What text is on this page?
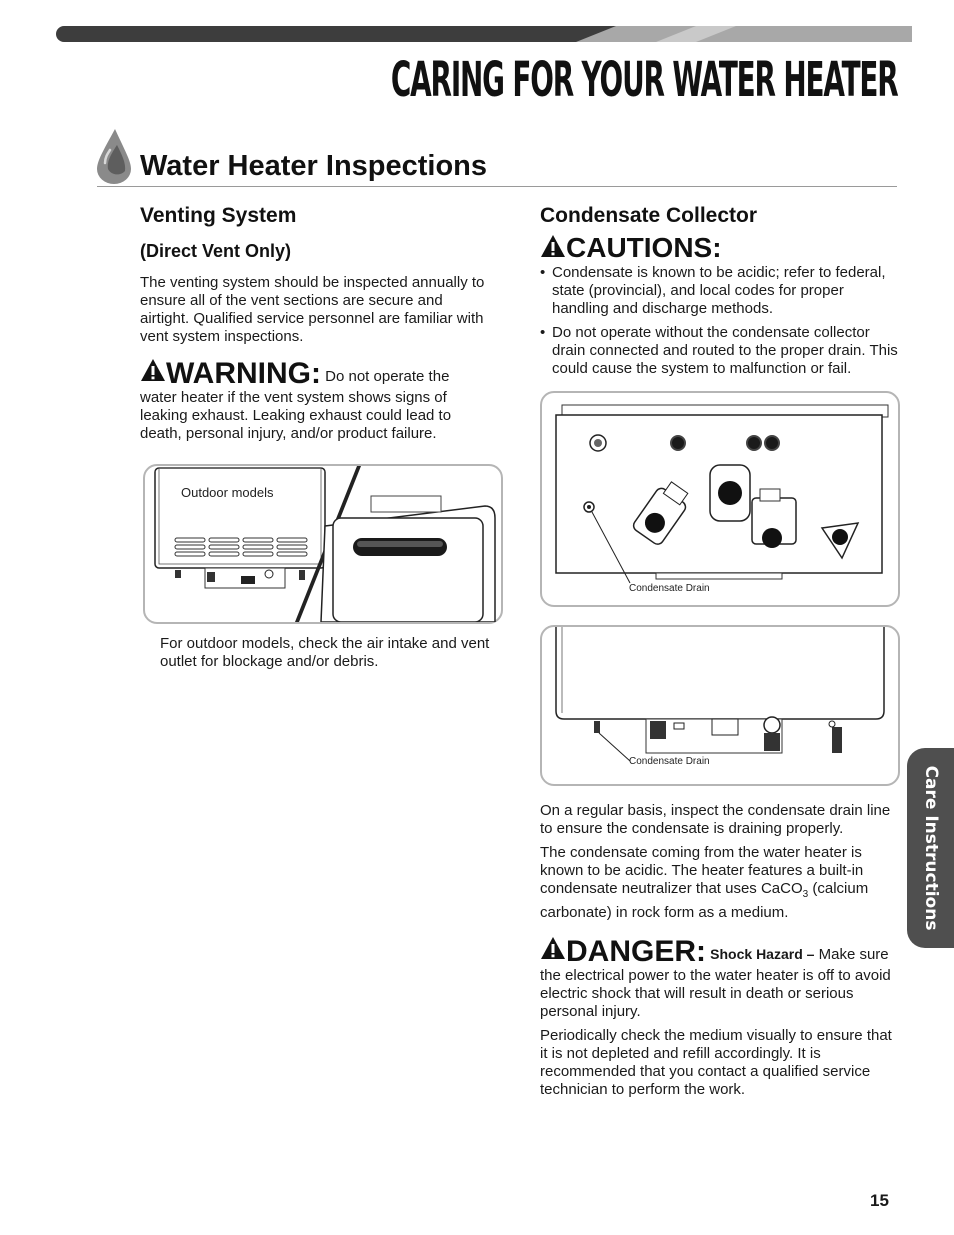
CARING FOR YOUR WATER HEATER
Water Heater Inspections
Venting System
(Direct Vent Only)

The venting system should be inspected annually to ensure all of the vent sections are secure and airtight. Qualified service personnel are familiar with vent system inspections.

WARNING: Do not operate the water heater if the vent system shows signs of leaking exhaust. Leaking exhaust could lead to death, personal injury, and/or product failure.

Outdoor models

For outdoor models, check the air intake and vent outlet for blockage and/or debris.

Condensate Collector
CAUTIONS:
• Condensate is known to be acidic; refer to federal, state (provincial), and local codes for proper handling and discharge methods.
• Do not operate without the condensate collector drain connected and routed to the proper drain. This could cause the system to malfunction or fail.
Condensate Drain
Condensate Drain

On a regular basis, inspect the condensate drain line to ensure the condensate is draining properly.

The condensate coming from the water heater is known to be acidic. The heater features a built-in condensate neutralizer that uses CaCO$_3$ (calcium carbonate) in rock form as a medium.

DANGER: Shock Hazard – Make sure the electrical power to the water heater is off to avoid electric shock that will result in death or serious personal injury.

Periodically check the medium visually to ensure that it is not depleted and refill accordingly. It is recommended that you contact a qualified service technician to perform the work.

Care Instructions
15
